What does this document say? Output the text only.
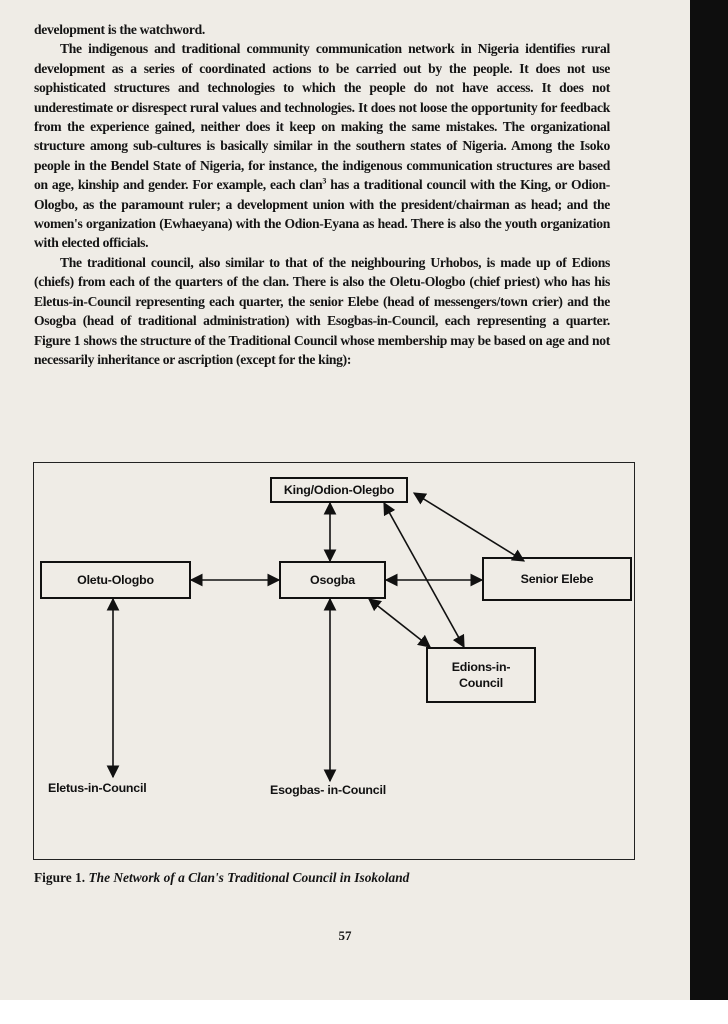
development is the watchword.

The indigenous and traditional community communication network in Nigeria identifies rural development as a series of coordinated actions to be carried out by the people. It does not use sophisticated structures and technologies to which the people do not have access. It does not underestimate or disrespect rural values and technologies. It does not loose the opportunity for feedback from the experience gained, neither does it keep on making the same mistakes. The organizational structure among sub-cultures is basically similar in the southern states of Nigeria. Among the Isoko people in the Bendel State of Nigeria, for instance, the indigenous communication structures are based on age, kinship and gender. For example, each clan$^3$ has a traditional council with the King, or Odion-Ologbo, as the paramount ruler; a development union with the president/chairman as head; and the women's organization (Ewhaeyana) with the Odion-Eyana as head. There is also the youth organization with elected officials.

The traditional council, also similar to that of the neighbouring Urhobos, is made up of Edions (chiefs) from each of the quarters of the clan. There is also the Oletu-Ologbo (chief priest) who has his Eletus-in-Council representing each quarter, the senior Elebe (head of messengers/town crier) and the Osogba (head of traditional administration) with Esogbas-in-Council, each representing a quarter. Figure 1 shows the structure of the Traditional Council whose membership may be based on age and not necessarily inheritance or ascription (except for the king):

King/Odion-Olegbo
Oletu-Ologbo	Osogba	Senior Elebe
Edions-in-Council
Eletus-in-Council	Esogbas- in-Council
Figure 1. The Network of a Clan's Traditional Council in Isokoland
57
